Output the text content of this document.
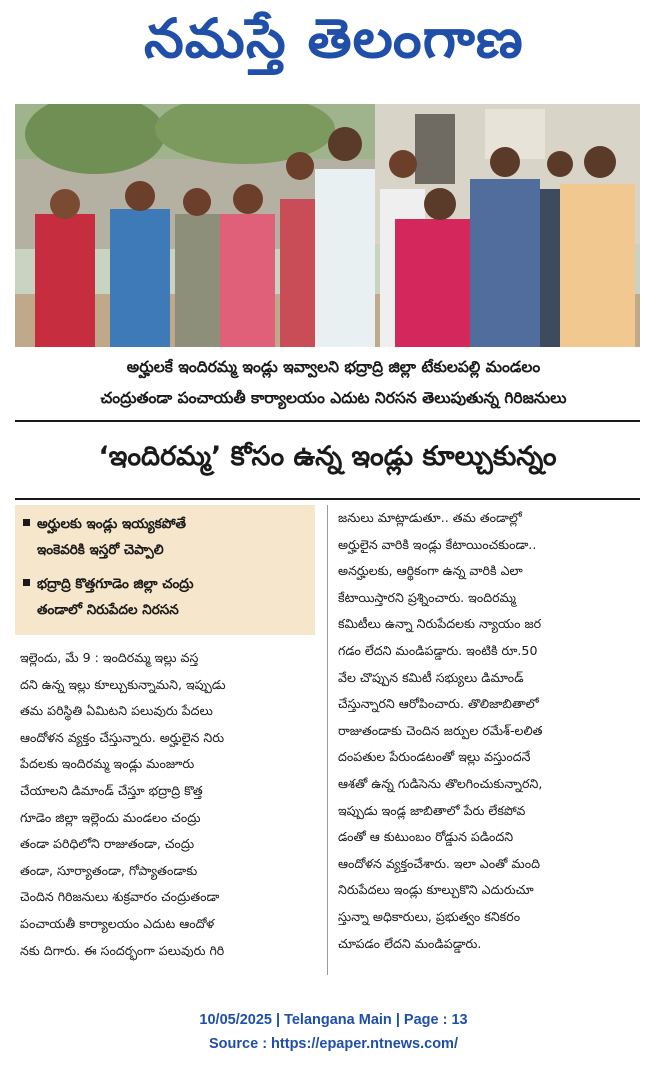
నమస్తే తెలంగాణ
అర్హులకే ఇందిరమ్మ ఇండ్లు ఇవ్వాలని భద్రాద్రి జిల్లా టేకులపల్లి మండలం
చంద్రుతండా పంచాయతీ కార్యాలయం ఎదుట నిరసన తెలుపుతున్న గిరిజనులు
‘ఇందిరమ్మ’ కోసం ఉన్న ఇండ్లు కూల్చుకున్నం
అర్హులకు ఇండ్లు ఇయ్యకపోతే
ఇంకెవరికి ఇస్తరో చెప్పాలి
భద్రాద్రి కొత్తగూడెం జిల్లా చంద్రు
తండాలో నిరుపేదల నిరసన
ఇల్లెందు, మే 9 : ఇందిరమ్మ ఇల్లు వస్త
దని ఉన్న ఇల్లు కూల్చుకున్నామని, ఇప్పుడు
తమ పరిస్థితి ఏమిటని పలువురు పేదలు
ఆందోళన వ్యక్తం చేస్తున్నారు. అర్హులైన నిరు
పేదలకు ఇందిరమ్మ ఇండ్లు మంజూరు
చేయాలని డిమాండ్ చేస్తూ భద్రాద్రి కొత్త
గూడెం జిల్లా ఇల్లెందు మండలం చంద్రు
తండా పరిధిలోని రాజుతండా, చంద్రు
తండా, సూర్యాతండా, గోప్యాతండాకు
చెందిన గిరిజనులు శుక్రవారం చంద్రుతండా
పంచాయతీ కార్యాలయం ఎదుట ఆందోళ
నకు దిగారు. ఈ సందర్భంగా పలువురు గిరి
జనులు మాట్లాడుతూ.. తమ తండాల్లో
అర్హులైన వారికి ఇండ్లు కేటాయించకుండా..
అనర్హులకు, ఆర్థికంగా ఉన్న వారికి ఎలా
కేటాయిస్తారని ప్రశ్నించారు. ఇందిరమ్మ
కమిటీలు ఉన్నా నిరుపేదలకు న్యాయం జర
గడం లేదని మండిపడ్డారు. ఇంటికి రూ.50
వేల చొప్పున కమిటీ సభ్యులు డిమాండ్
చేస్తున్నారని ఆరోపించారు. తొలిజాబితాలో
రాజుతండాకు చెందిన జర్పుల రమేశ్-లలిత
దంపతుల పేరుండటంతో ఇల్లు వస్తుందనే
ఆశతో ఉన్న గుడిసెను తొలగించుకున్నారని,
ఇప్పుడు ఇండ్ల జాబితాలో పేరు లేకపోవ
డంతో ఆ కుటుంబం రోడ్డున పడిందని
ఆందోళన వ్యక్తంచేశారు. ఇలా ఎంతో మంది
నిరుపేదలు ఇండ్లు కూల్చుకొని ఎదురుచూ
స్తున్నా అధికారులు, ప్రభుత్వం కనికరం
చూపడం లేదని మండిపడ్డారు.
10/05/2025 | Telangana Main | Page : 13
Source : https://epaper.ntnews.com/
